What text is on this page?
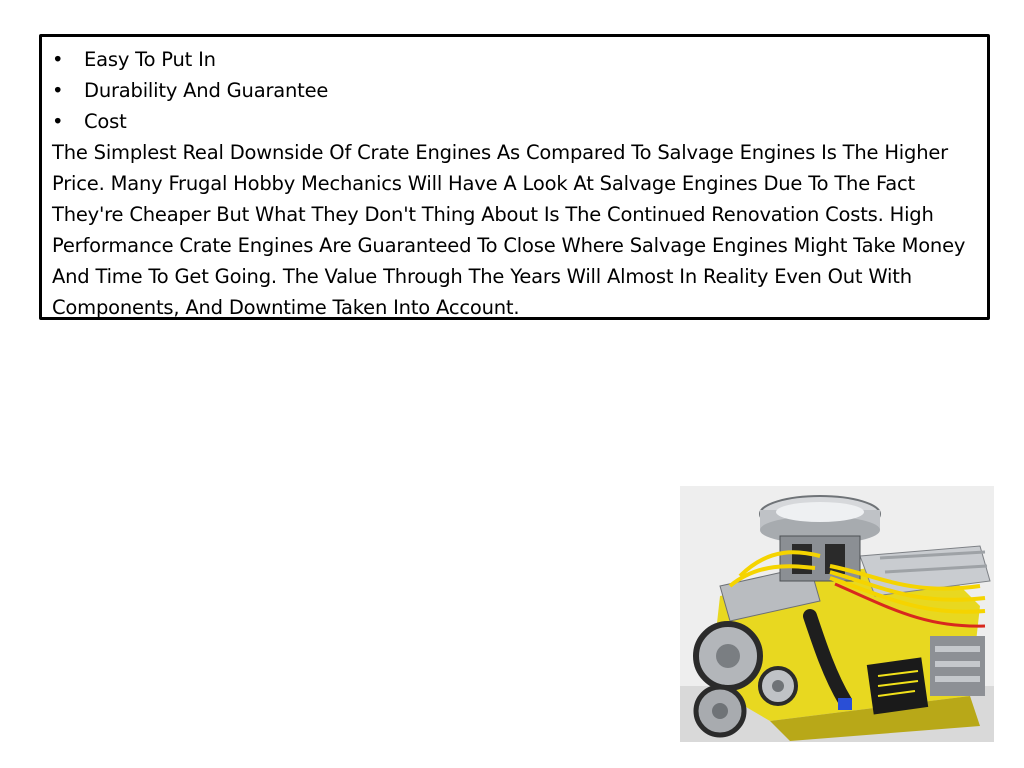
•	Easy To Put In
•	Durability And Guarantee
•	Cost

The Simplest Real Downside Of Crate Engines As Compared To Salvage Engines Is The Higher Price. Many Frugal Hobby Mechanics Will Have A Look At Salvage Engines Due To The Fact They're Cheaper But What They Don't Thing About Is The Continued Renovation Costs. High Performance Crate Engines Are Guaranteed To Close Where Salvage Engines Might Take Money And Time To Get Going. The Value Through The Years Will Almost In Reality Even Out With Components, And Downtime Taken Into Account.
